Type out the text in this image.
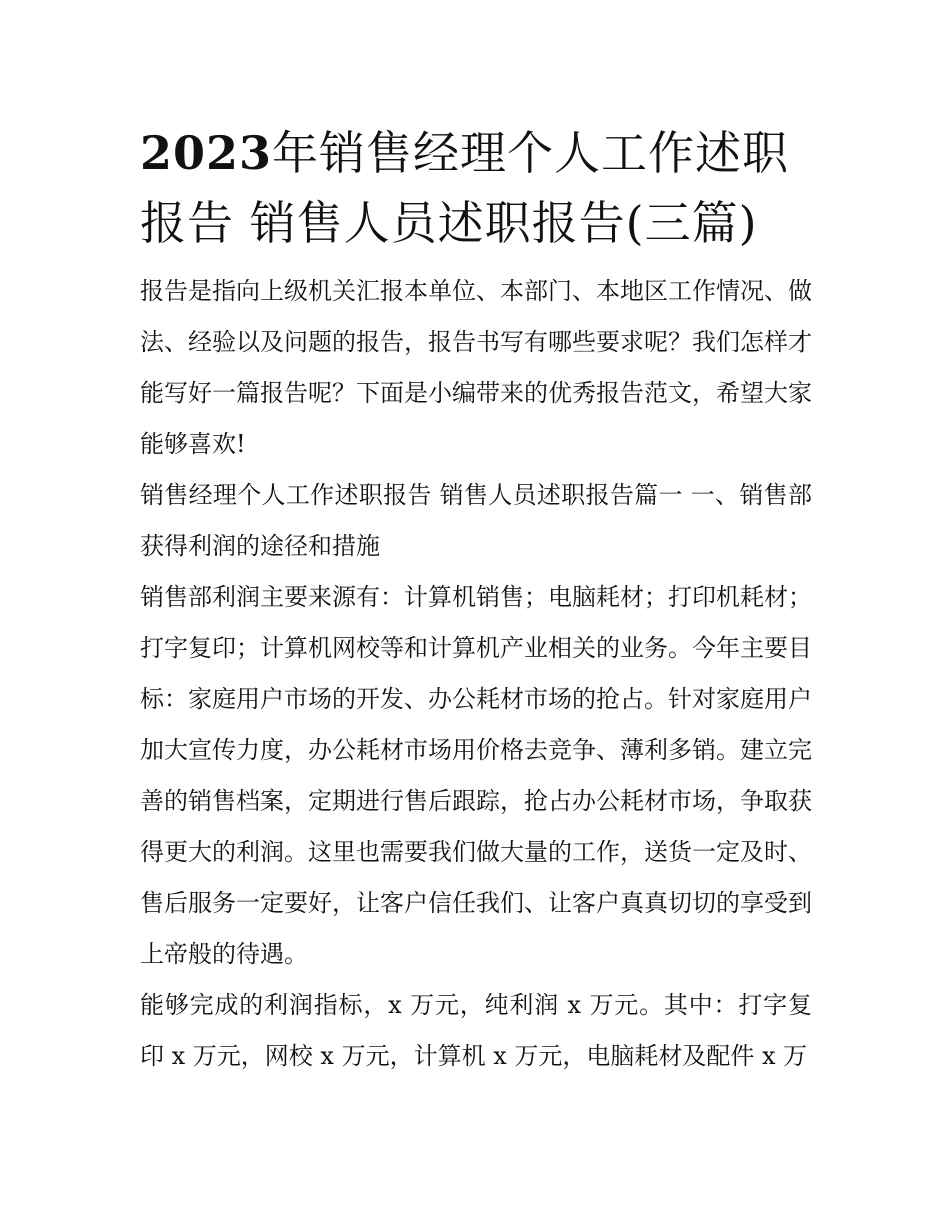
2023年销售经理个人工作述职报告 销售人员述职报告(三篇)

报告是指向上级机关汇报本单位、本部门、本地区工作情况、做法、经验以及问题的报告，报告书写有哪些要求呢？我们怎样才能写好一篇报告呢？下面是小编带来的优秀报告范文，希望大家能够喜欢!

销售经理个人工作述职报告 销售人员述职报告篇一 一、销售部获得利润的途径和措施

销售部利润主要来源有：计算机销售；电脑耗材；打印机耗材；打字复印；计算机网校等和计算机产业相关的业务。今年主要目标：家庭用户市场的开发、办公耗材市场的抢占。针对家庭用户加大宣传力度，办公耗材市场用价格去竞争、薄利多销。建立完善的销售档案，定期进行售后跟踪，抢占办公耗材市场，争取获得更大的利润。这里也需要我们做大量的工作，送货一定及时、售后服务一定要好，让客户信任我们、让客户真真切切的享受到上帝般的待遇。

能够完成的利润指标，x 万元，纯利润 x 万元。其中：打字复印 x 万元，网校 x 万元，计算机 x 万元，电脑耗材及配件 x 万
